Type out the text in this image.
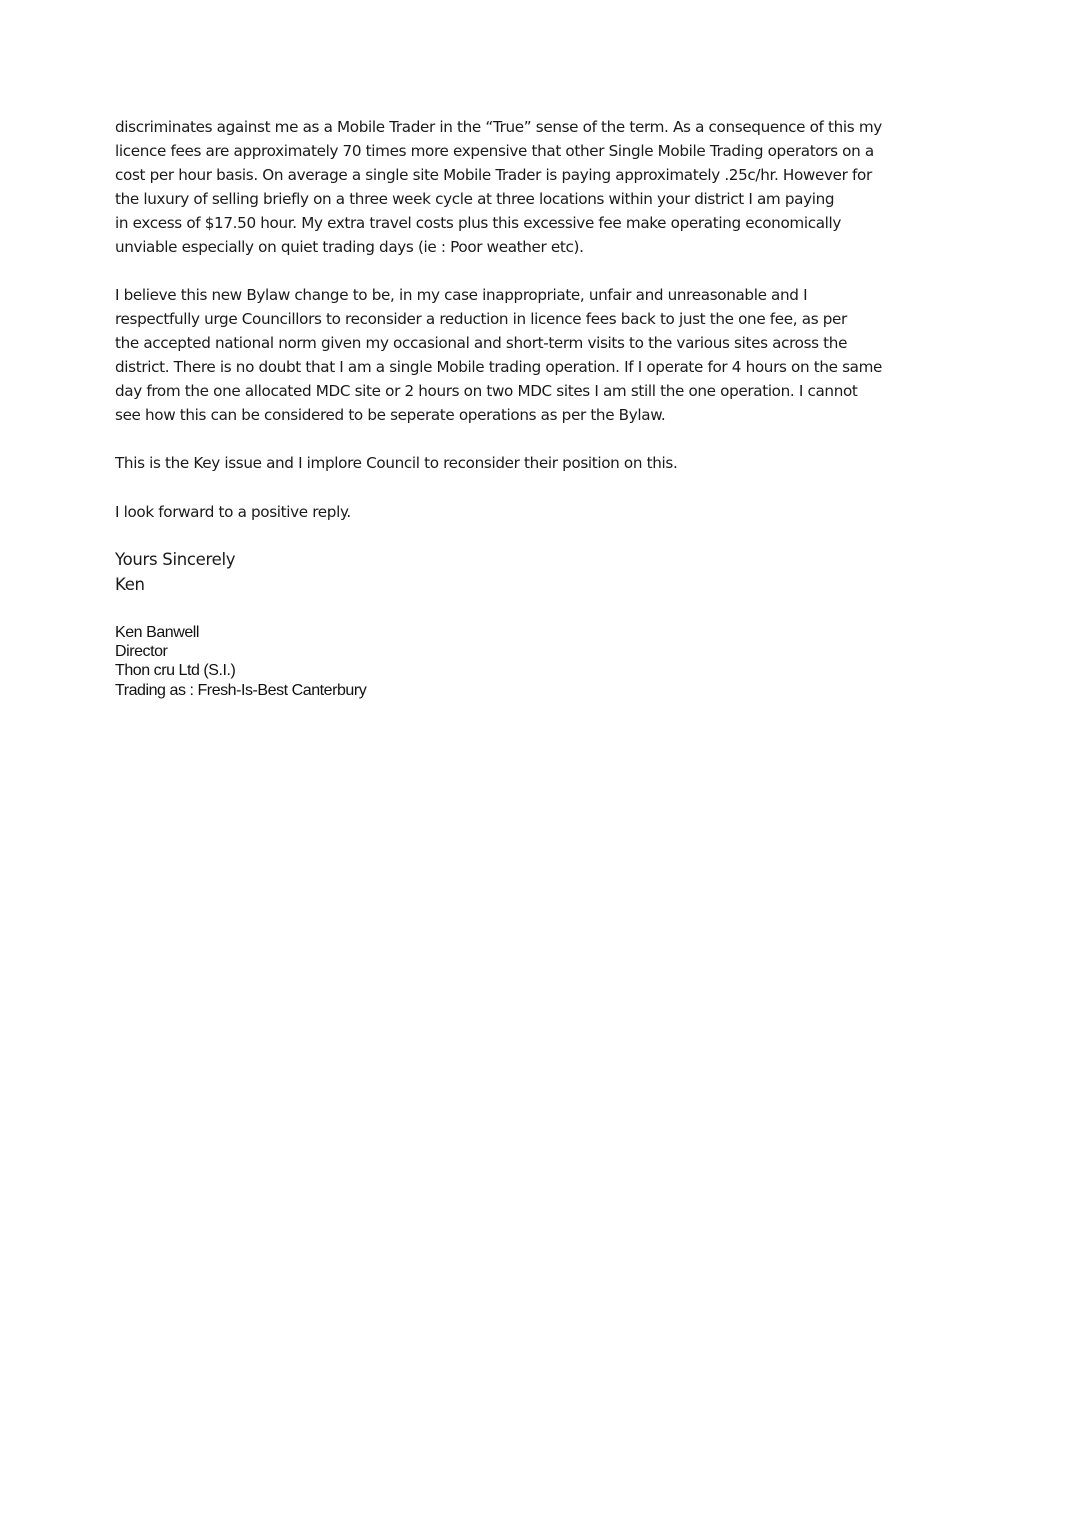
discriminates against me as a Mobile Trader in the “True” sense of the term. As a consequence of this my
licence fees are approximately 70 times more expensive that other Single Mobile Trading operators on a
cost per hour basis. On average a single site Mobile Trader is paying approximately .25c/hr. However for
the luxury of selling briefly on a three week cycle at three locations within your district I am paying
in excess of $17.50 hour. My extra travel costs plus this excessive fee make operating economically
unviable especially on quiet trading days (ie : Poor weather etc).
I believe this new Bylaw change to be, in my case inappropriate, unfair and unreasonable and I
respectfully urge Councillors to reconsider a reduction in licence fees back to just the one fee, as per
the accepted national norm given my occasional and short-term visits to the various sites across the
district. There is no doubt that I am a single Mobile trading operation. If I operate for 4 hours on the same
day from the one allocated MDC site or 2 hours on two MDC sites I am still the one operation. I cannot
see how this can be considered to be seperate operations as per the Bylaw.
This is the Key issue and I implore Council to reconsider their position on this.
I look forward to a positive reply.
Yours Sincerely
Ken
Ken Banwell
Director
Thon cru Ltd (S.I.)
Trading as : Fresh-Is-Best Canterbury
